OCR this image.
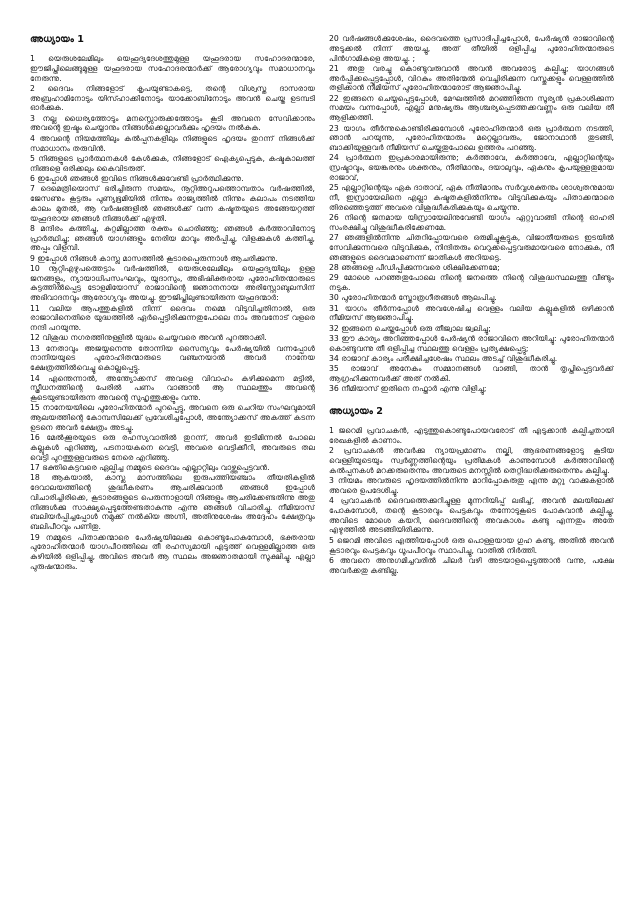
അധ്യായം 1

1 യെരുശലേമിലും യെഹൂദ്യദേശത്തുമുള്ള യഹൂദരായ സഹോദരന്മാരേ, ഈജിപ്തിലെങ്ങുമുള്ള യഹൂദരായ സഹോദരന്മാർക്ക് ആരോഗ്യവും സമാധാനവും നേരുന്നു.

2 ദൈവം നിങ്ങളോട് കൃപയുണ്ടാകട്ടെ, തന്റെ വിശ്വസ്ത ദാസരായ അബ്രഹാമിനോടും യിസ്ഹാക്കിനോടും യാക്കോബിനോടും അവൻ ചെയ്ത ഉടമ്പടി ഓർക്കുക.

3 നല്ല ധൈര്യത്തോടും മനസ്സൊരുക്കത്തോടും കൂടി അവനെ സേവിക്കാനും അവന്റെ ഇഷ്ടം ചെയ്യാനും നിങ്ങൾക്കെല്ലാവർക്കും ഹൃദയം നൽകുക.

4 അവന്റെ നിയമത്തിലും കൽപ്പനകളിലും നിങ്ങളുടെ ഹൃദയം തുറന്ന് നിങ്ങൾക്ക് സമാധാനം തരുവിൻ.

5 നിങ്ങളുടെ പ്രാർത്ഥനകൾ കേൾക്കുക, നിങ്ങളോട് ഐക്യപ്പെടുക, കഷ്ടകാലത്ത് നിങ്ങളെ ഒരിക്കലും കൈവിടരുത്.

6 ഇപ്പോൾ ഞങ്ങൾ ഇവിടെ നിങ്ങൾക്കുവേണ്ടി പ്രാർത്ഥിക്കുന്നു.

7 ദെമെത്രിയൊസ് ഭരിച്ചിരുന്ന സമയം, നൂറ്റിഅറുപത്തൊമ്പതാം വർഷത്തിൽ, ജേസണും കൂട്ടരും പുണ്യഭൂമിയിൽ നിന്നും രാജ്യത്തിൽ നിന്നും കലാപം നടത്തിയ കാലം മുതൽ, ആ വർഷങ്ങളിൽ ഞങ്ങൾക്ക് വന്ന കഷ്ടതയുടെ അങ്ങേയറ്റത്ത് യഹൂദരായ ഞങ്ങൾ നിങ്ങൾക്ക് എഴുതി.

8 മന്ദിരം കത്തിച്ചു, കുറ്റമില്ലാത്ത രക്തം ചൊരിഞ്ഞു; ഞങ്ങൾ കർത്താവിനോടു പ്രാർത്ഥിച്ചു; ഞങ്ങൾ യാഗങ്ങളും നേരിയ മാവും അർപ്പിച്ചു, വിളക്കുകൾ കത്തിച്ചു, അപ്പം വിളമ്പി.

9 ഇപ്പോൾ നിങ്ങൾ കാസ്ല മാസത്തിൽ കൂടാരപ്പെരുന്നാൾ ആചരിക്കുന്നു.

10 നൂറ്റിഎഴുപത്തെട്ടാം വർഷത്തിൽ, യെരുശലേമിലും യെഹൂദ്യയിലും ഉള്ള ജനങ്ങളും, ന്യായാധിപസംഘവും, യൂദാസും, അഭിഷിക്തരായ പുരോഹിതന്മാരുടെ കുട്ടത്തിൽപ്പെട്ട ടോളമിയോസ് രാജാവിന്റെ ജ്ഞാനനായ അരിസ്റ്റോബുലസിന് അഭിവാദനവും ആരോഗ്യവും അയച്ചു. ഈജിപ്തിലുണ്ടായിരുന്ന യഹൂദന്മാർ:

11 വലിയ ആപത്തുകളിൽ നിന്ന് ദൈവം നമ്മെ വിടുവിച്ചതിനാൽ, ഒരു രാജാവിനെതിരെ യുദ്ധത്തിൽ ഏർപ്പെട്ടിരിക്കുന്നതുപോലെ നാം അവനോട് വളരെ നന്ദി പറയുന്നു.

12 വിശുദ്ധ നഗരത്തിനുള്ളിൽ യുദ്ധം ചെയ്യവരെ അവൻ പുറത്താക്കി.

13 നേതാവും അജയ്യനെന്നു തോന്നിയ സൈന്യവും പേർഷ്യയിൽ വന്നപ്പോൾ നാനിയയുടെ പുരോഹിതന്മാരുടെ വഞ്ചനയാൽ അവർ നാനേയ ക്ഷേത്രത്തിൽവെച്ചു കൊല്ലപ്പെട്ടു.

14 എന്തെന്നാൽ, അന്ത്യോക്കസ് അവളെ വിവാഹം കഴിക്കുമെന്ന മട്ടിൽ, സ്ത്രീധനത്തിന്റെ പേരിൽ പണം വാങ്ങാൻ ആ സ്ഥലത്തും അവന്റെ കൂടെയുണ്ടായിരുന്ന അവന്റെ സുഹൃത്തുക്കളും വന്നു.

15 നാനേയയിലെ പുരോഹിതന്മാർ പുറപ്പെട്ടു, അവനെ ഒരു ചെറിയ സംഘവുമായി ആലയത്തിന്റെ കോമ്പസിലേക്ക് പ്രവേശിച്ചപ്പോൾ, അന്ത്യോക്കസ് അകത്ത് കടന്ന ഉടനെ അവർ ക്ഷേത്രം അടച്ചു.

16 മേൽക്കൂരയുടെ ഒരു രഹസ്യവാതിൽ തുറന്ന്, അവർ ഇടിമിന്നൽ പോലെ കല്ലുകൾ എറിഞ്ഞു, പടനായകനെ വെട്ടി, അവരെ വെട്ടിക്കീറി, അവരുടെ തല വെട്ടി പുറത്തുള്ളവരുടെ നേരെ എറിഞ്ഞു.

17 ഭക്തികെട്ടവരെ ഏല്പിച്ച നമ്മുടെ ദൈവം എല്ലാറ്റിലും വാഴ്ത്തപ്പെട്ടവൻ.

18 ആകയാൽ, കാസ്ല മാസത്തിലെ ഇരുപത്തിയഞ്ചാം തീയതികളിൽ ദേവാലയത്തിന്റെ ശുദ്ധീകരണം ആചരിക്കുവാൻ ഞങ്ങൾ ഇപ്പോൾ വിചാരിച്ചിരിക്കെ, കൂടാരങ്ങളുടെ പെരുന്നാളായി നിങ്ങളും ആചരിക്കേണ്ടതിന്നു അതു നിങ്ങൾക്കു സാക്ഷ്യപ്പെടുത്തേണ്ടതാകുന്നു എന്നു ഞങ്ങൾ വിചാരിച്ചു. നീമിയാസ് ബലിയർപ്പിച്ചപ്പോൾ നമുക്ക് നൽകിയ അഗ്നി, അതിനുശേഷം അദ്ദേഹം ക്ഷേത്രവും ബലിപീഠവും പണിതു.

19 നമ്മുടെ പിതാക്കന്മാരെ പേർഷ്യയിലേക്കു കൊണ്ടുപോകുമ്പോൾ, ഭക്തരായ പുരോഹിതന്മാർ യാഗപീഠത്തിലെ തീ രഹസ്യമായി എടുത്ത് വെള്ളമില്ലാത്ത ഒരു കുഴിയിൽ ഒളിപ്പിച്ചു, അവിടെ അവർ ആ സ്ഥലം അജ്ഞാതമായി സൂക്ഷിച്ചു. എല്ലാ പുരുഷന്മാരും.

20 വർഷങ്ങൾക്കുശേഷം, ദൈവത്തെ പ്രസാദിപ്പിച്ചപ്പോൾ, പേർഷ്യൻ രാജാവിന്റെ അടുക്കൽ നിന്ന് അയച്ചു, അത് തീയിൽ ഒളിപ്പിച്ച പുരോഹിതന്മാരുടെ പിൻഗാമികളെ അയച്ചു. ;

21 അതു വരച്ചു കൊണ്ടുവരുവാൻ അവൻ അവരോടു കല്പിച്ചു; യാഗങ്ങൾ അർപ്പിക്കപ്പെട്ടപ്പോൾ, വിറകും അതിന്മേൽ വെച്ചിരിക്കുന്ന വസ്തുക്കളും വെള്ളത്തിൽ തളിക്കാൻ നീമിയസ് പുരോഹിതന്മാരോട് ആജ്ഞാപിച്ചു.

22 ഇങ്ങനെ ചെയ്യപ്പെട്ടപ്പോൾ, മേഘത്തിൽ മറഞ്ഞിരുന്ന സൂര്യൻ പ്രകാശിക്കുന്ന സമയം വന്നപ്പോൾ, എല്ലാ മനുഷ്യരും ആശ്ചര്യപ്പെടത്തക്കവണ്ണം ഒരു വലിയ തീ ആളിക്കത്തി.

23 യാഗം തീർന്നുകൊണ്ടിരിക്കുമ്പോൾ പുരോഹിതന്മാർ ഒരു പ്രാർത്ഥന നടത്തി, ഞാൻ പറയുന്നു, പുരോഹിതന്മാരും മറ്റെല്ലാവരും, ജോനാഥാൻ തുടങ്ങി, ബാക്കിയുള്ളവർ നീമിയസ് ചെയ്തതുപോലെ ഉത്തരം പറഞ്ഞു.

24 പ്രാർത്ഥന ഇപ്രകാരമായിരുന്നു; കർത്താവേ, കർത്താവേ, എല്ലാറ്റിന്റെയും സ്രഷ്ടാവും, ഭയങ്കരനും ശക്തനും, നീതിമാനും, ദയാലുവും, ഏകനും കൃപയുള്ളതുമായ രാജാവ്,

25 എല്ലാറ്റിന്റെയും ഏക ദാതാവ്, ഏക നീതിമാനും സർവ്വശക്തനും ശാശ്വതനുമായ നീ, ഇസ്രായേലിനെ എല്ലാ കഷ്ടതകളിൽനിന്നും വിടുവിക്കുകയും പിതാക്കന്മാരെ തിരഞ്ഞെടുത്ത് അവരെ വിശുദ്ധീകരിക്കുകയും ചെയ്യുന്നു.

26 നിന്റെ ജനമായ യിസ്രായേലിനുവേണ്ടി യാഗം ഏറ്റുവാങ്ങി നിന്റെ ഓഹരി സംരക്ഷിച്ചു വിശുദ്ധീകരിക്കേണമേ.

27 ഞങ്ങളിൽനിന്നു ചിതറിപ്പോയവരെ ഒരുമിച്ചുകൂട്ടുക, വിജാതീയരുടെ ഇടയിൽ സേവിക്കുന്നവരെ വിടുവിക്കുക, നിന്ദിതരും വെറുക്കപ്പെട്ടവരുമായവരെ നോക്കുക, നീ ഞങ്ങളുടെ ദൈവമാണെന്ന് ജാതികൾ അറിയട്ടെ.

28 ഞങ്ങളെ പീഡിപ്പിക്കുന്നവരെ ശിക്ഷിക്കേണമേ;

29 മോശെ പറഞ്ഞതുപോലെ നിന്റെ ജനത്തെ നിന്റെ വിശുദ്ധസ്ഥലത്തു വീണ്ടും നടുക.

30 പുരോഹിതന്മാർ സ്തോത്രഗീതങ്ങൾ ആലപിച്ചു.

31 യാഗം തീർന്നപ്പോൾ അവശേഷിച്ച വെള്ളം വലിയ കല്ലുകളിൽ ഒഴിക്കാൻ നീമിയസ് ആജ്ഞാപിച്ചു.

32 ഇങ്ങനെ ചെയ്തപ്പോൾ ഒരു തീജ്വാല ജ്വലിച്ചു;

33 ഈ കാര്യം അറിഞ്ഞപ്പോൾ പേർഷ്യൻ രാജാവിനെ അറിയിച്ചു: പുരോഹിതന്മാർ കൊണ്ടുവന്നു തീ ഒളിപ്പിച്ച സ്ഥലത്തു വെള്ളം പ്രത്യക്ഷപ്പെട്ടു;

34 രാജാവ് കാര്യം പരീക്ഷിച്ചശേഷം സ്ഥലം അടച്ച് വിശുദ്ധീകരിച്ചു.

35 രാജാവ് അനേകം സമ്മാനങ്ങൾ വാങ്ങി, താൻ തൃപ്തിപ്പെട്ടവർക്ക് ആഗ്രഹിക്കുന്നവർക്ക് അത് നൽകി.

36 നീമിയാസ് ഇതിനെ നഫ്താർ എന്നു വിളിച്ചു;

അധ്യായം 2

1 ജറെമി പ്രവാചകൻ, എടുത്തുകൊണ്ടുപോയവരോട് തീ എടുക്കാൻ കല്പിച്ചതായി രേഖകളിൽ കാണാം.

2 പ്രവാചകൻ അവർക്കു ന്യായപ്രമാണം നല്കി, ആഭരണങ്ങളോടു കൂടിയ വെള്ളിയുടെയും സ്വർണ്ണത്തിന്റെയും പ്രതിമകൾ കാണുമ്പോൾ കർത്താവിന്റെ കൽപ്പനകൾ മറക്കരുതെന്നും അവരുടെ മനസ്സിൽ തെറ്റിദ്ധരിക്കരുതെന്നും കല്പിച്ചു.

3 നിയമം അവരുടെ ഹൃദയത്തിൽനിന്നു മാറിപ്പോകരുതു എന്നു മറ്റു വാക്കുകളാൽ അവരെ ഉപദേശിച്ചു.

4 പ്രവാചകൻ ദൈവത്തെക്കുറിച്ചുള്ള മുന്നറിയിപ്പ് ലഭിച്ച്, അവൻ മലയിലേക്ക് പോകുമ്പോൾ, തന്റെ കൂടാരവും പെട്ടകവും തന്നോടുകൂടെ പോകുവാൻ കല്പിച്ചു, അവിടെ മോശെ കയറി, ദൈവത്തിന്റെ അവകാശം കണ്ടു എന്നതും അതേ എഴുത്തിൽ അടങ്ങിയിരിക്കുന്നു.

5 ജെറമി അവിടെ എത്തിയപ്പോൾ ഒരു പൊള്ളയായ ഗുഹ കണ്ടു, അതിൽ അവൻ കൂടാരവും പെട്ടകവും ധൂപപീഠവും സ്ഥാപിച്ചു, വാതിൽ നിർത്തി.

6 അവനെ അനുഗമിച്ചവരിൽ ചിലർ വഴി അടയാളപ്പെടുത്താൻ വന്നു, പക്ഷേ അവർക്കതു കണ്ടില്ല.
